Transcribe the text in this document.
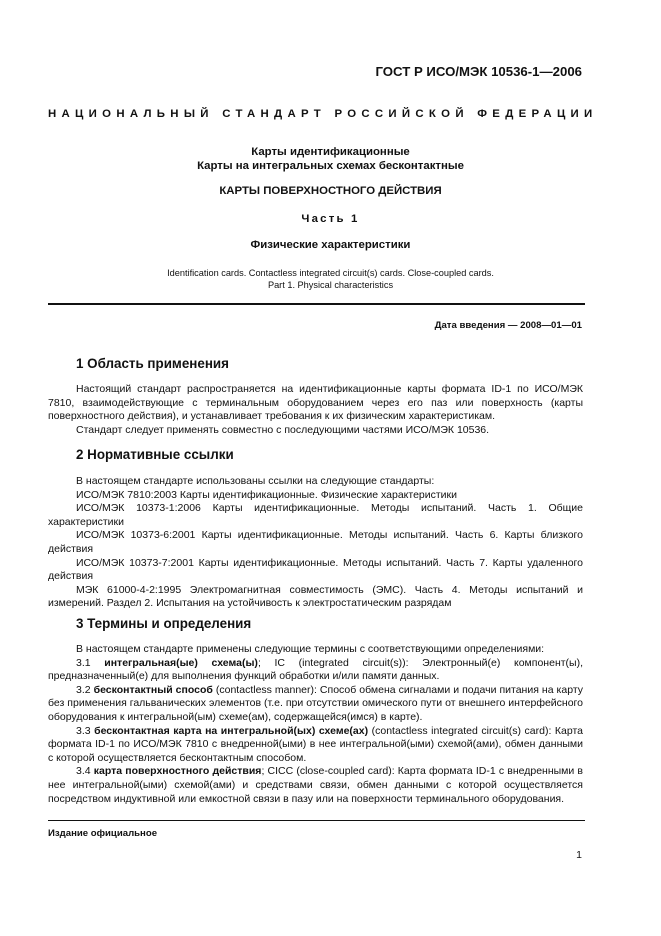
ГОСТ Р ИСО/МЭК 10536-1—2006
НАЦИОНАЛЬНЫЙ СТАНДАРТ РОССИЙСКОЙ ФЕДЕРАЦИИ
Карты идентификационные
Карты на интегральных схемах бесконтактные
КАРТЫ ПОВЕРХНОСТНОГО ДЕЙСТВИЯ
Часть 1
Физические характеристики
Identification cards. Contactless integrated circuit(s) cards. Close-coupled cards.
Part 1. Physical characteristics
Дата введения — 2008—01—01
1 Область применения

Настоящий стандарт распространяется на идентификационные карты формата ID-1 по ИСО/МЭК 7810, взаимодействующие с терминальным оборудованием через его паз или поверхность (карты поверхностного действия), и устанавливает требования к их физическим характеристикам.

Стандарт следует применять совместно с последующими частями ИСО/МЭК 10536.

2 Нормативные ссылки

В настоящем стандарте использованы ссылки на следующие стандарты:

ИСО/МЭК 7810:2003 Карты идентификационные. Физические характеристики

ИСО/МЭК 10373-1:2006 Карты идентификационные. Методы испытаний. Часть 1. Общие характеристики

ИСО/МЭК 10373-6:2001 Карты идентификационные. Методы испытаний. Часть 6. Карты близкого действия

ИСО/МЭК 10373-7:2001 Карты идентификационные. Методы испытаний. Часть 7. Карты удаленного действия

МЭК 61000-4-2:1995 Электромагнитная совместимость (ЭМС). Часть 4. Методы испытаний и измерений. Раздел 2. Испытания на устойчивость к электростатическим разрядам

3 Термины и определения

В настоящем стандарте применены следующие термины с соответствующими определениями:

3.1 интегральная(ые) схема(ы); IC (integrated circuit(s)): Электронный(е) компонент(ы), предназначенный(е) для выполнения функций обработки и/или памяти данных.

3.2 бесконтактный способ (contactless manner): Способ обмена сигналами и подачи питания на карту без применения гальванических элементов (т.е. при отсутствии омического пути от внешнего интерфейсного оборудования к интегральной(ым) схеме(ам), содержащейся(имся) в карте).

3.3 бесконтактная карта на интегральной(ых) схеме(ах) (contactless integrated circuit(s) card): Карта формата ID-1 по ИСО/МЭК 7810 с внедренной(ыми) в нее интегральной(ыми) схемой(ами), обмен данными с которой осуществляется бесконтактным способом.

3.4 карта поверхностного действия; CICC (close-coupled card): Карта формата ID-1 с внедренными в нее интегральной(ыми) схемой(ами) и средствами связи, обмен данными с которой осуществляется посредством индуктивной или емкостной связи в пазу или на поверхности терминального оборудования.

Издание официальное
1
